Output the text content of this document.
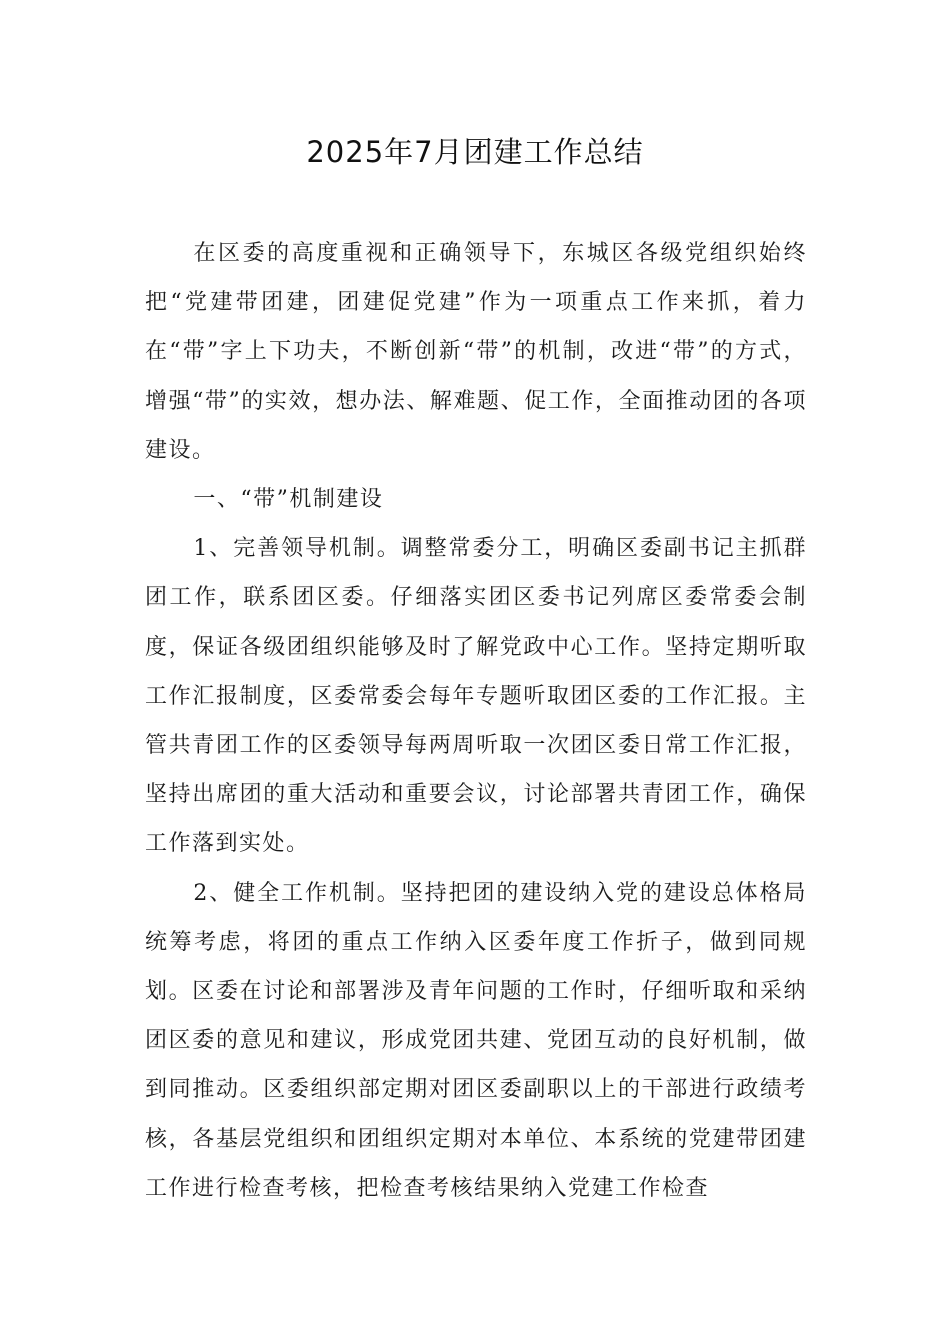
2025年7月团建工作总结

在区委的高度重视和正确领导下，东城区各级党组织始终把“党建带团建，团建促党建”作为一项重点工作来抓，着力在“带”字上下功夫，不断创新“带”的机制，改进“带”的方式，增强“带”的实效，想办法、解难题、促工作，全面推动团的各项建设。

一、“带”机制建设

1、完善领导机制。调整常委分工，明确区委副书记主抓群团工作，联系团区委。仔细落实团区委书记列席区委常委会制度，保证各级团组织能够及时了解党政中心工作。坚持定期听取工作汇报制度，区委常委会每年专题听取团区委的工作汇报。主管共青团工作的区委领导每两周听取一次团区委日常工作汇报，坚持出席团的重大活动和重要会议，讨论部署共青团工作，确保工作落到实处。

2、健全工作机制。坚持把团的建设纳入党的建设总体格局统筹考虑，将团的重点工作纳入区委年度工作折子，做到同规划。区委在讨论和部署涉及青年问题的工作时，仔细听取和采纳团区委的意见和建议，形成党团共建、党团互动的良好机制，做到同推动。区委组织部定期对团区委副职以上的干部进行政绩考核，各基层党组织和团组织定期对本单位、本系统的党建带团建工作进行检查考核，把检查考核结果纳入党建工作检查
